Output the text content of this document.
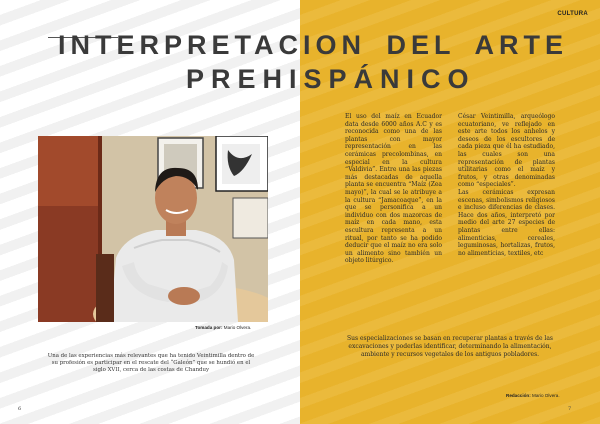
CULTURA
INTERPRETACION DEL ARTE
PREHISPÁNICO
Tomada por: Mario Olvera.
Una de las experiencias más relevantes que ha tenido Veintimilla dentro de su profesión es participar en el rescate del “Galeón” que se hundió en el siglo XVII, cerca de las costas de Chanduy
El uso del maíz en Ecuador data desde 6000 años A.C y es reconocida como una de las plantas con mayor representación en las cerámicas precolombinas, en especial en la cultura “Valdivia”. Entre una las piezas más destacadas de aquella planta se encuentra “Maíz (Zea mayo)”, la cual se le atribuye a la cultura “Jamacoaque”, en la que se personifica a un individuo con dos mazorcas de maíz en cada mano, esta escultura representa a un ritual, por tanto se ha podido deducir que el maíz no era solo un alimento sino también un objeto litúrgico.
César Veintimilla, arqueólogo ecuatoriano, ve reflejado en este arte todos los anhelos y deseos de los escultores de cada pieza que él ha estudiado, las cuales son una representación de plantas utilitarias como el maíz y frutos, y otras denominadas como “especiales”.
Las cerámicas expresan escenas, simbolismos religiosos e incluso diferencias de clases. Hace dos años, interpretó por medio del arte 27 especies de plantas entre ellas: alimenticias, cereales, leguminosas, hortalizas, frutos, no alimenticias, textiles, etc
Sus especializaciones se basan en recuperar plantas a través de las excavaciones y poderlas identificar, determinando la alimentación, ambiente y recursos vegetales de los antiguos pobladores.
Redacción: Mario Olvera.
6	7
